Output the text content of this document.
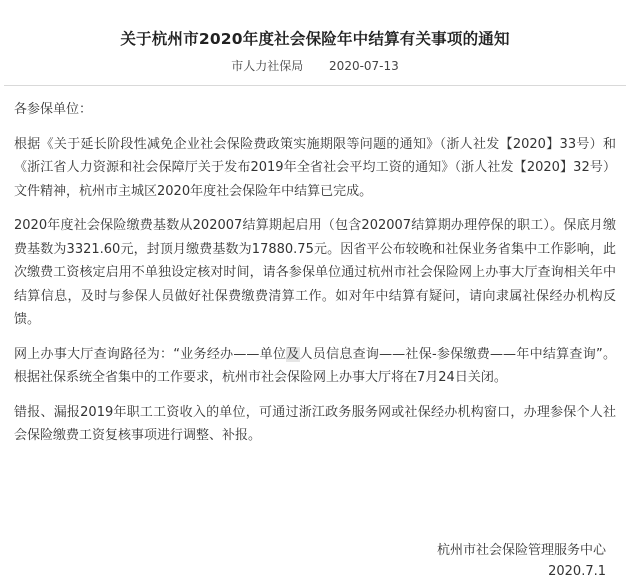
关于杭州市2020年度社会保险年中结算有关事项的通知
市人力社保局 2020-07-13

各参保单位：

根据《关于延长阶段性减免企业社会保险费政策实施期限等问题的通知》（浙人社发【2020】33号）和《浙江省人力资源和社会保障厅关于发布2019年全省社会平均工资的通知》（浙人社发【2020】32号）文件精神，杭州市主城区2020年度社会保险年中结算已完成。

2020年度社会保险缴费基数从202007结算期起启用（包含202007结算期办理停保的职工）。保底月缴费基数为3321.60元，封顶月缴费基数为17880.75元。因省平公布较晚和社保业务省集中工作影响，此次缴费工资核定启用不单独设定核对时间，请各参保单位通过杭州市社会保险网上办事大厅查询相关年中结算信息，及时与参保人员做好社保费缴费清算工作。如对年中结算有疑问，请向隶属社保经办机构反馈。

网上办事大厅查询路径为：“业务经办——单位及人员信息查询——社保-参保缴费——年中结算查询”。根据社保系统全省集中的工作要求，杭州市社会保险网上办事大厅将在7月24日关闭。

错报、漏报2019年职工工资收入的单位，可通过浙江政务服务网或社保经办机构窗口，办理参保个人社会保险缴费工资复核事项进行调整、补报。

杭州市社会保险管理服务中心
2020.7.1
